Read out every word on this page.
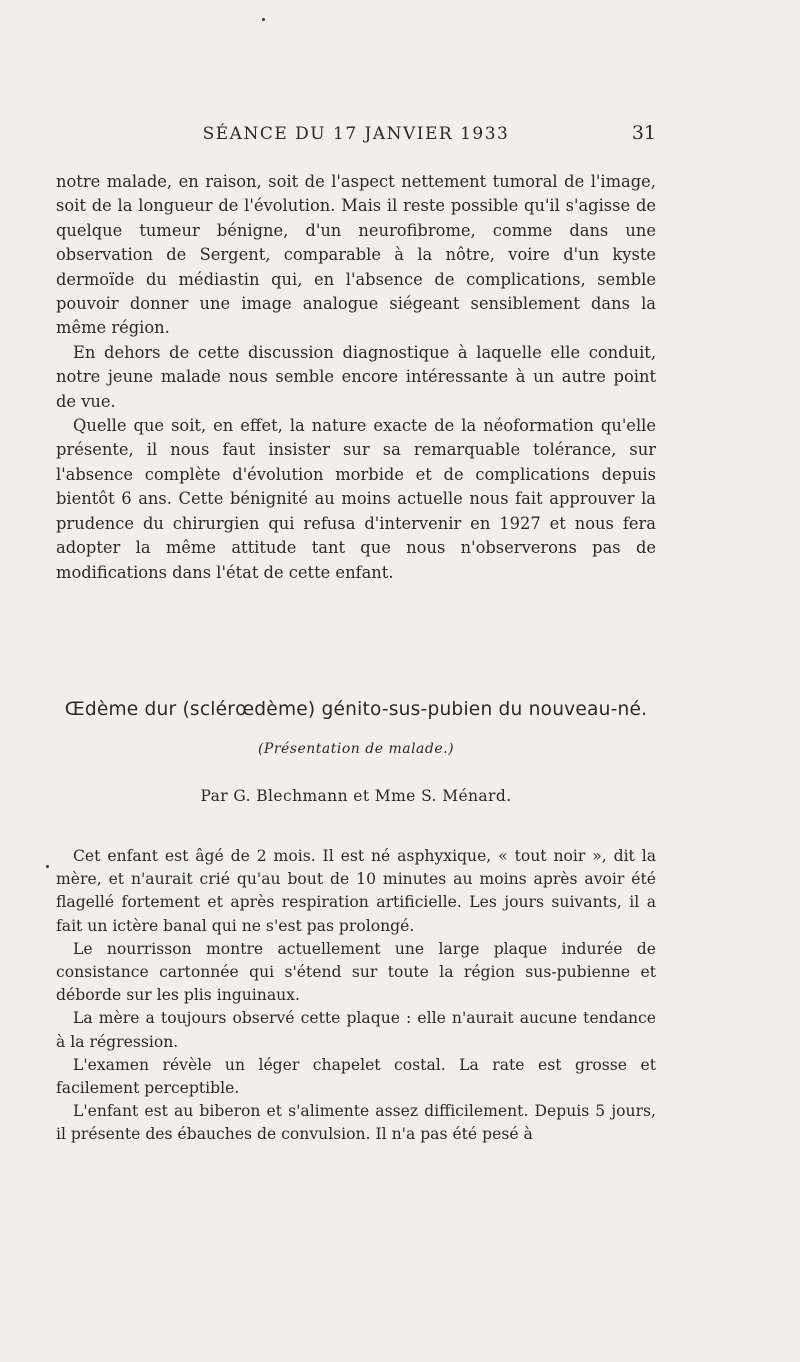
SÉANCE DU 17 JANVIER 1933	31

notre malade, en raison, soit de l'aspect nettement tumoral de l'image, soit de la longueur de l'évolution. Mais il reste possible qu'il s'agisse de quelque tumeur bénigne, d'un neurofibrome, comme dans une observation de Sergent, comparable à la nôtre, voire d'un kyste dermoïde du médiastin qui, en l'absence de complications, semble pouvoir donner une image analogue siégeant sensiblement dans la même région.

En dehors de cette discussion diagnostique à laquelle elle conduit, notre jeune malade nous semble encore intéressante à un autre point de vue.

Quelle que soit, en effet, la nature exacte de la néoformation qu'elle présente, il nous faut insister sur sa remarquable tolérance, sur l'absence complète d'évolution morbide et de complications depuis bientôt 6 ans. Cette bénignité au moins actuelle nous fait approuver la prudence du chirurgien qui refusa d'intervenir en 1927 et nous fera adopter la même attitude tant que nous n'observerons pas de modifications dans l'état de cette enfant.

Œdème dur (sclérœdème) génito-sus-pubien du nouveau-né.
(Présentation de malade.)
Par G. Blechmann et Mme S. Ménard.

Cet enfant est âgé de 2 mois. Il est né asphyxique, « tout noir », dit la mère, et n'aurait crié qu'au bout de 10 minutes au moins après avoir été flagellé fortement et après respiration artificielle. Les jours suivants, il a fait un ictère banal qui ne s'est pas prolongé.

Le nourrisson montre actuellement une large plaque indurée de consistance cartonnée qui s'étend sur toute la région sus-pubienne et déborde sur les plis inguinaux.

La mère a toujours observé cette plaque : elle n'aurait aucune tendance à la régression.

L'examen révèle un léger chapelet costal. La rate est grosse et facilement perceptible.

L'enfant est au biberon et s'alimente assez difficilement. Depuis 5 jours, il présente des ébauches de convulsion. Il n'a pas été pesé à
